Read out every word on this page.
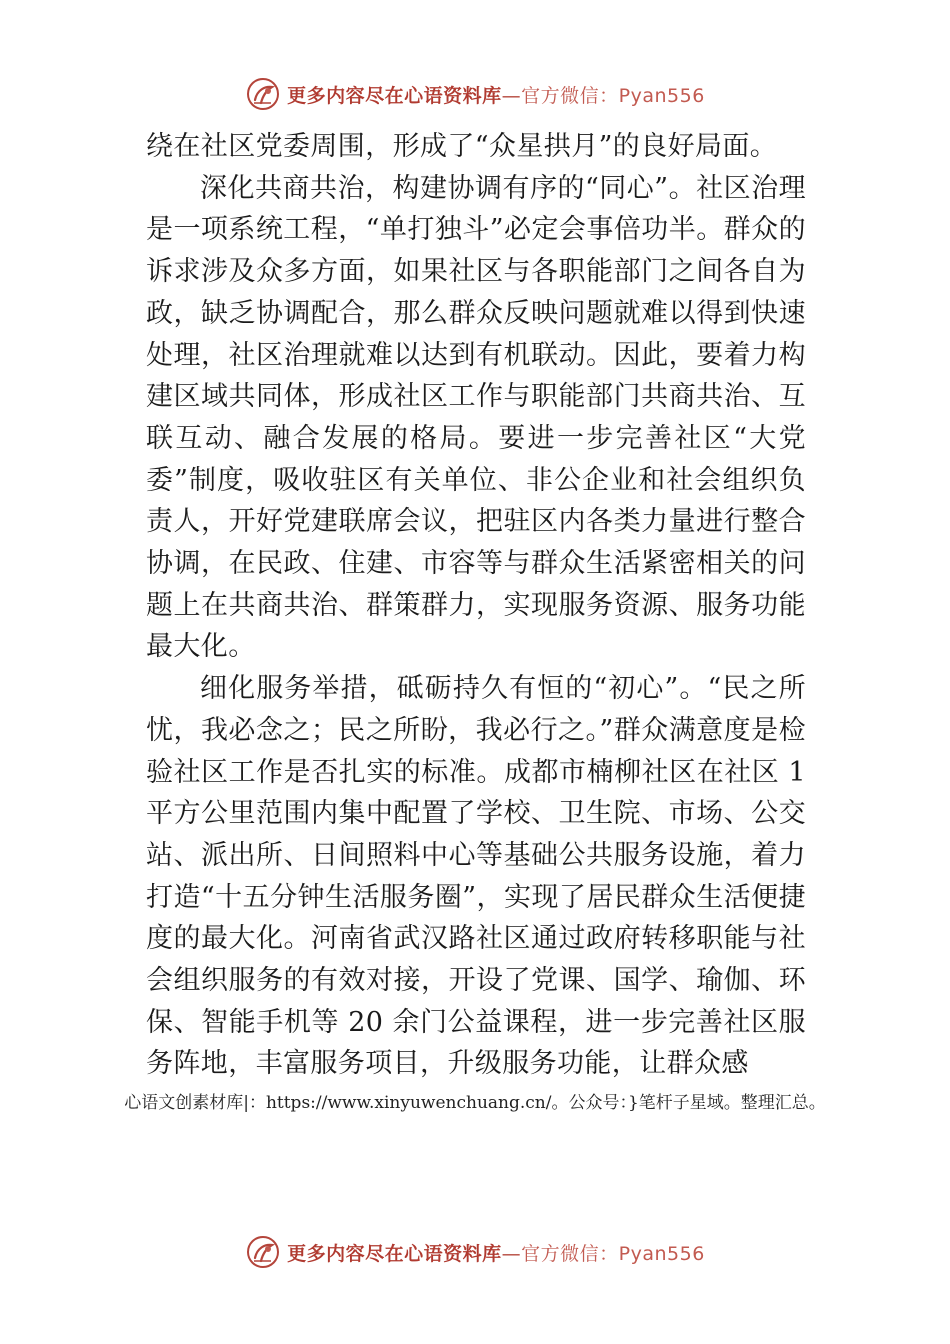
更多内容尽在心语资料库—官方微信：Pyan556

绕在社区党委周围，形成了“众星拱月”的良好局面。

深化共商共治，构建协调有序的“同心”。社区治理是一项系统工程，“单打独斗”必定会事倍功半。群众的诉求涉及众多方面，如果社区与各职能部门之间各自为政，缺乏协调配合，那么群众反映问题就难以得到快速处理，社区治理就难以达到有机联动。因此，要着力构建区域共同体，形成社区工作与职能部门共商共治、互联互动、融合发展的格局。要进一步完善社区“大党委”制度，吸收驻区有关单位、非公企业和社会组织负责人，开好党建联席会议，把驻区内各类力量进行整合协调，在民政、住建、市容等与群众生活紧密相关的问题上在共商共治、群策群力，实现服务资源、服务功能最大化。

细化服务举措，砥砺持久有恒的“初心”。“民之所忧，我必念之；民之所盼，我必行之。”群众满意度是检验社区工作是否扎实的标准。成都市楠柳社区在社区 1 平方公里范围内集中配置了学校、卫生院、市场、公交站、派出所、日间照料中心等基础公共服务设施，着力打造“十五分钟生活服务圈”，实现了居民群众生活便捷度的最大化。河南省武汉路社区通过政府转移职能与社会组织服务的有效对接，开设了党课、国学、瑜伽、环保、智能手机等 20 余门公益课程，进一步完善社区服务阵地，丰富服务项目，升级服务功能，让群众感

心语文创素材库|：https://www.xinyuwenchuang.cn/。公众号：}笔杆子星域。整理汇总。
更多内容尽在心语资料库—官方微信：Pyan556
